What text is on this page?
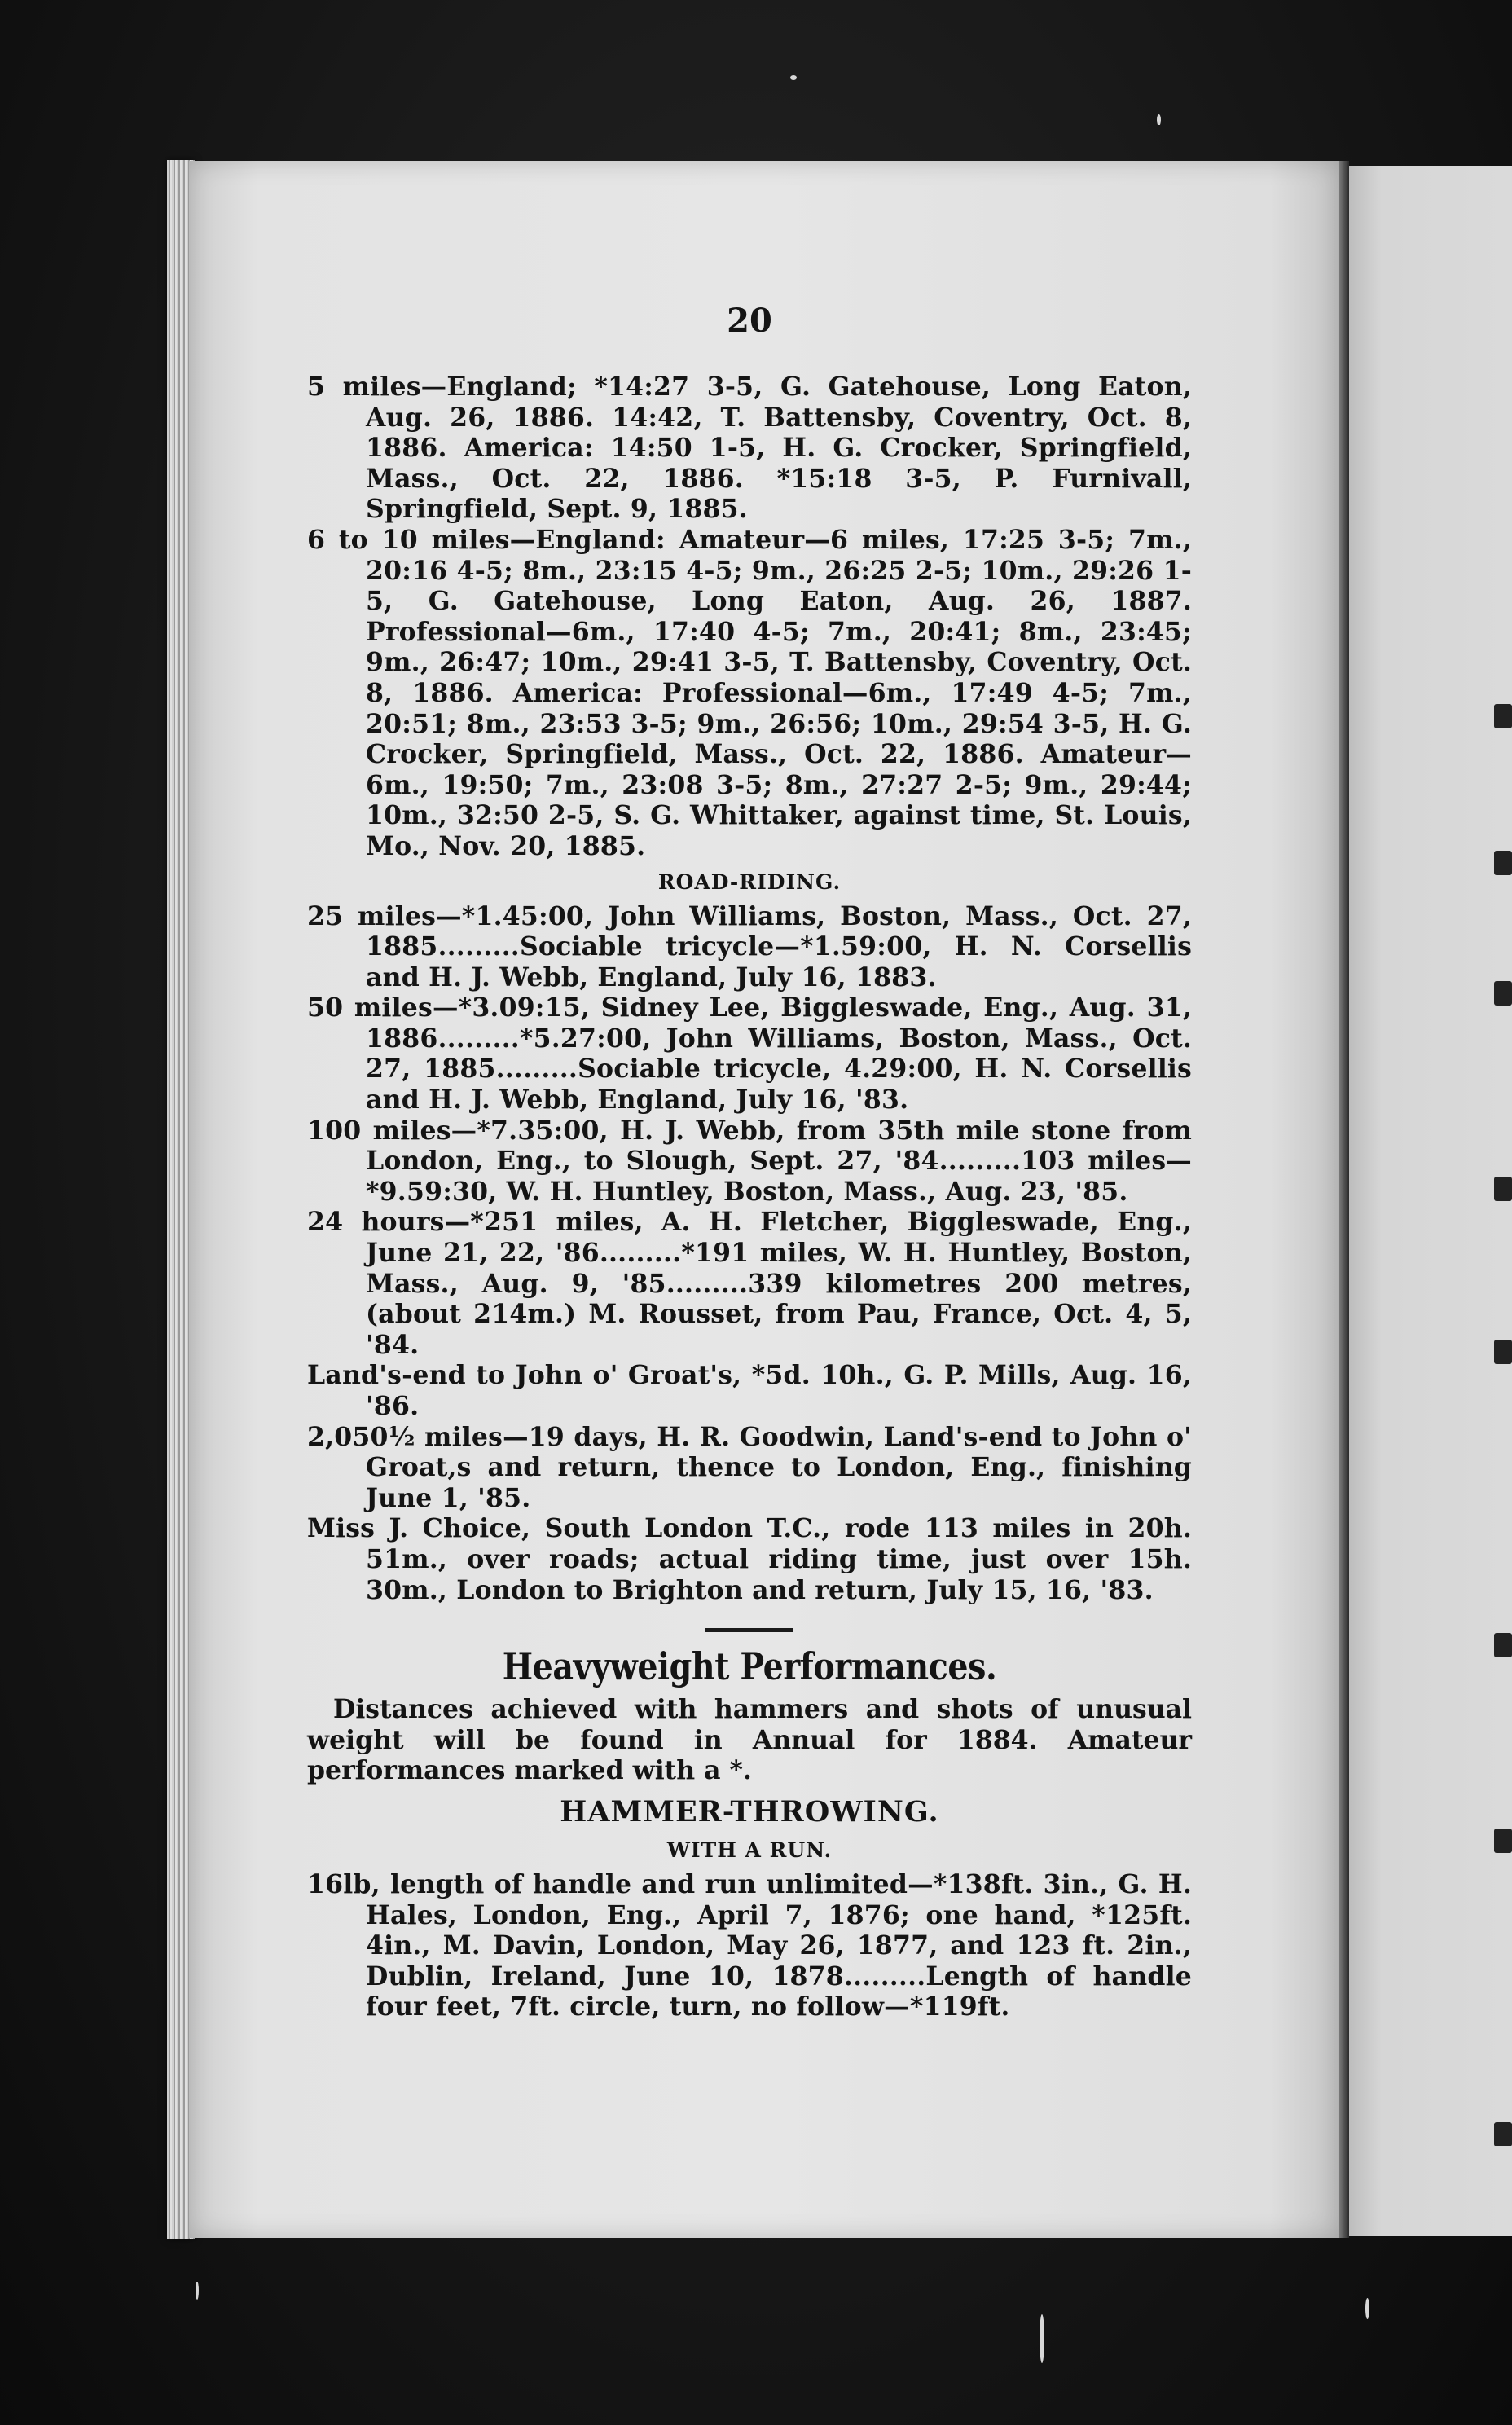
20

5 miles—England; *14:27 3-5, G. Gatehouse, Long Eaton, Aug. 26, 1886. 14:42, T. Battensby, Coventry, Oct. 8, 1886. America: 14:50 1-5, H. G. Crocker, Springfield, Mass., Oct. 22, 1886. *15:18 3-5, P. Furnivall, Springfield, Sept. 9, 1885.

6 to 10 miles—England: Amateur—6 miles, 17:25 3-5; 7m., 20:16 4-5; 8m., 23:15 4-5; 9m., 26:25 2-5; 10m., 29:26 1-5, G. Gatehouse, Long Eaton, Aug. 26, 1887. Professional—6m., 17:40 4-5; 7m., 20:41; 8m., 23:45; 9m., 26:47; 10m., 29:41 3-5, T. Battensby, Coventry, Oct. 8, 1886. America: Professional—6m., 17:49 4-5; 7m., 20:51; 8m., 23:53 3-5; 9m., 26:56; 10m., 29:54 3-5, H. G. Crocker, Springfield, Mass., Oct. 22, 1886. Amateur—6m., 19:50; 7m., 23:08 3-5; 8m., 27:27 2-5; 9m., 29:44; 10m., 32:50 2-5, S. G. Whittaker, against time, St. Louis, Mo., Nov. 20, 1885.

ROAD-RIDING.

25 miles—*1.45:00, John Williams, Boston, Mass., Oct. 27, 1885.........Sociable tricycle—*1.59:00, H. N. Corsellis and H. J. Webb, England, July 16, 1883.

50 miles—*3.09:15, Sidney Lee, Biggleswade, Eng., Aug. 31, 1886.........*5.27:00, John Williams, Boston, Mass., Oct. 27, 1885.........Sociable tricycle, 4.29:00, H. N. Corsellis and H. J. Webb, England, July 16, '83.

100 miles—*7.35:00, H. J. Webb, from 35th mile stone from London, Eng., to Slough, Sept. 27, '84.........103 miles—*9.59:30, W. H. Huntley, Boston, Mass., Aug. 23, '85.

24 hours—*251 miles, A. H. Fletcher, Biggleswade, Eng., June 21, 22, '86.........*191 miles, W. H. Huntley, Boston, Mass., Aug. 9, '85.........339 kilometres 200 metres, (about 214m.) M. Rousset, from Pau, France, Oct. 4, 5, '84.

Land's-end to John o' Groat's, *5d. 10h., G. P. Mills, Aug. 16, '86.

2,050½ miles—19 days, H. R. Goodwin, Land's-end to John o' Groat,s and return, thence to London, Eng., finishing June 1, '85.

Miss J. Choice, South London T.C., rode 113 miles in 20h. 51m., over roads; actual riding time, just over 15h. 30m., London to Brighton and return, July 15, 16, '83.

Heavyweight Performances.

Distances achieved with hammers and shots of unusual weight will be found in Annual for 1884. Amateur performances marked with a *.

HAMMER-THROWING.
WITH A RUN.

16lb, length of handle and run unlimited—*138ft. 3in., G. H. Hales, London, Eng., April 7, 1876; one hand, *125ft. 4in., M. Davin, London, May 26, 1877, and 123 ft. 2in., Dublin, Ireland, June 10, 1878.........Length of handle four feet, 7ft. circle, turn, no follow—*119ft.
